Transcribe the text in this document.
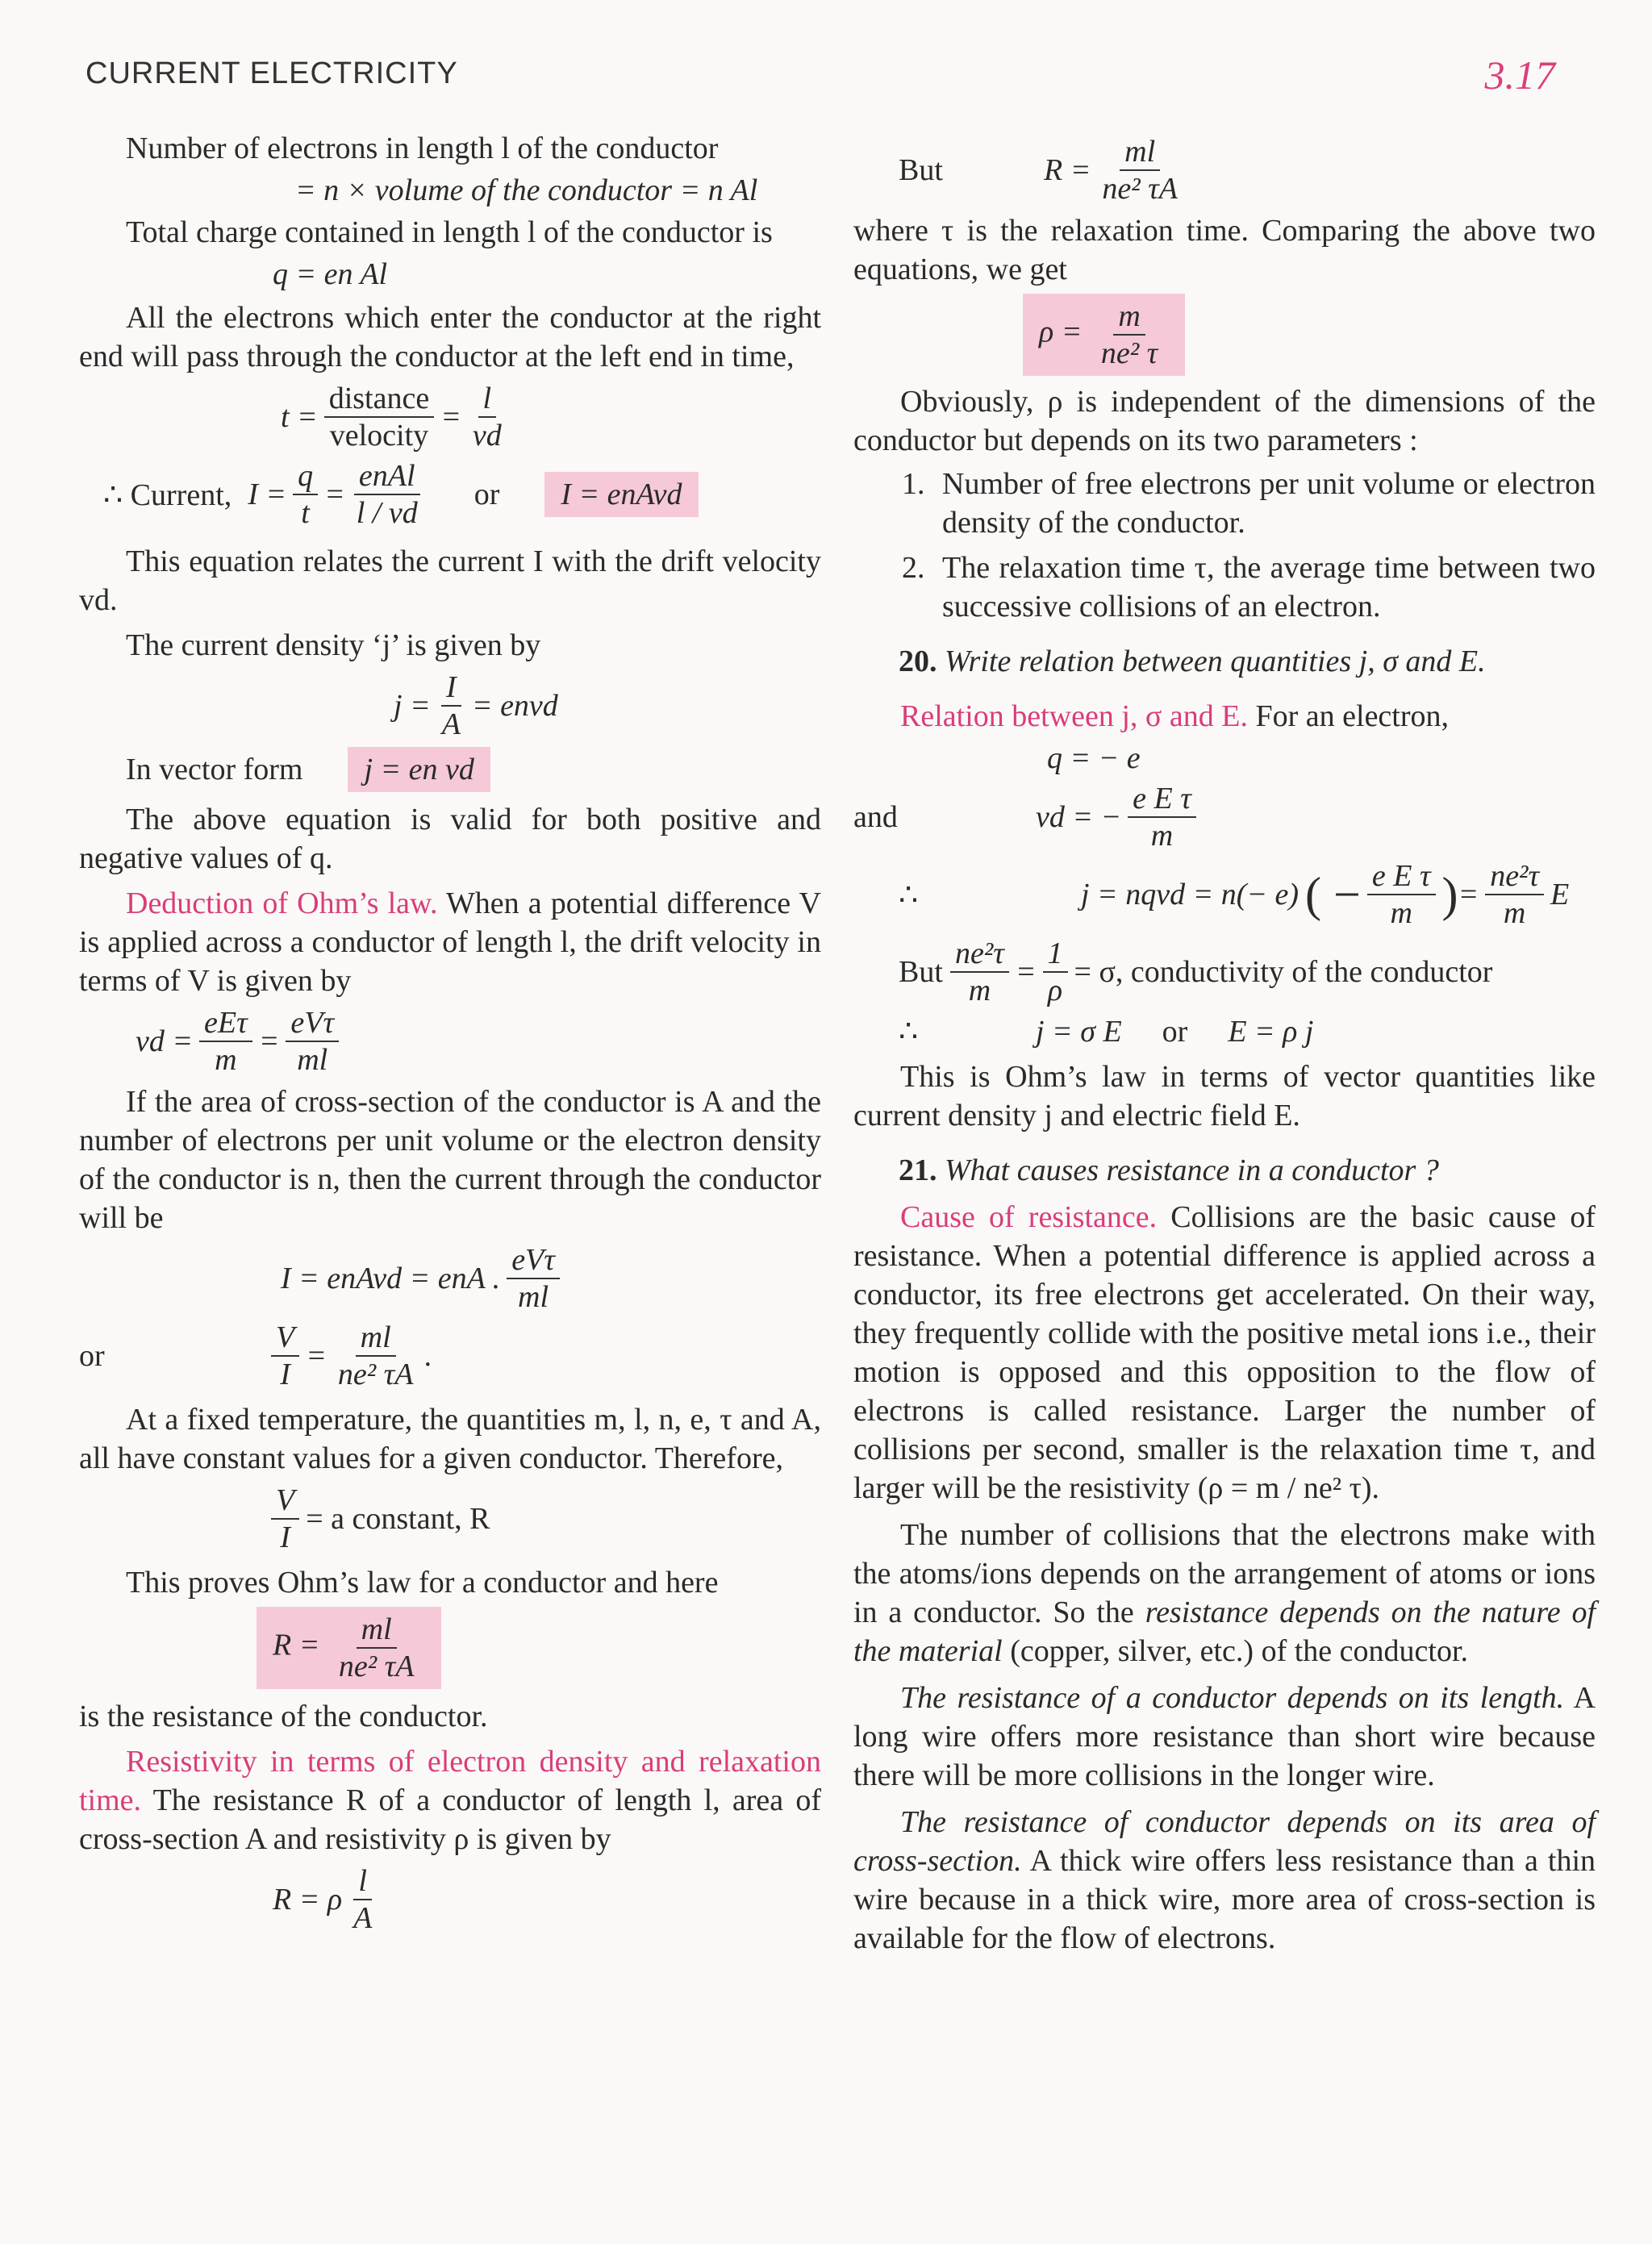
CURRENT ELECTRICITY	3.17

Number of electrons in length l of the conductor

= n × volume of the conductor = n Al

Total charge contained in length l of the conductor is

q = en Al

All the electrons which enter the conductor at the right end will pass through the conductor at the left end in time,

$t = \frac{\text{distance}}{\text{velocity}} = \frac{l}{vd}$
∴ Current, $I = \frac{q}{t} = \frac{\text{enAl}}{l / vd}$ or	I = enAvd

This equation relates the current I with the drift velocity vd.

The current density ‘j’ is given by

$j = \frac{I}{A}$ = envd
In vector form	j = en vd

The above equation is valid for both positive and negative values of q.

Deduction of Ohm’s law. When a potential difference V is applied across a conductor of length l, the drift velocity in terms of V is given by

vd = $\frac{\text{eEτ}}{m} = \frac{\text{eVτ}}{ml}$

If the area of cross-section of the conductor is A and the number of electrons per unit volume or the electron density of the conductor is n, then the current through the conductor will be

I = enAvd = enA . $\frac{\text{eVτ}}{ml}$
or	$\frac{V}{I} = \frac{ml}{\text{ne² τA}}$ .

At a fixed temperature, the quantities m, l, n, e, τ and A, all have constant values for a given conductor. Therefore,

$\frac{V}{I} = a$ constant, R

This proves Ohm’s law for a conductor and here

$R = \frac{ml}{\text{ne² τA}}$

is the resistance of the conductor.

Resistivity in terms of electron density and relaxation time. The resistance R of a conductor of length l, area of cross-section A and resistivity ρ is given by

R = ρ $\frac{l}{A}$
But	$R = \frac{ml}{\text{ne² τA}}$

where τ is the relaxation time. Comparing the above two equations, we get

$\rho = \frac{m}{\text{ne² τ}}$

Obviously, ρ is independent of the dimensions of the conductor but depends on its two parameters :

1. Number of free electrons per unit volume or electron density of the conductor.
2. The relaxation time τ, the average time between two successive collisions of an electron.

20. Write relation between quantities j, σ and E.

Relation between j, σ and E. For an electron,

q = − e
and	vd = − $\frac{\text{e E τ}}{m}$
∴	j = nqvd = n(− e) ( − $\frac{\text{e E τ}}{m}$ ) = $\frac{\text{ne²τ}}{m}$ E
But $\frac{\text{ne²τ}}{m} = \frac{1}{\rho} = \sigma$, conductivity of the conductor
∴	j = σ E or E = ρ j

This is Ohm’s law in terms of vector quantities like current density j and electric field E.

21. What causes resistance in a conductor ?

Cause of resistance. Collisions are the basic cause of resistance. When a potential difference is applied across a conductor, its free electrons get accelerated. On their way, they frequently collide with the positive metal ions i.e., their motion is opposed and this opposition to the flow of electrons is called resistance. Larger the number of collisions per second, smaller is the relaxation time τ, and larger will be the resistivity (ρ = m / ne² τ).

The number of collisions that the electrons make with the atoms/ions depends on the arrangement of atoms or ions in a conductor. So the resistance depends on the nature of the material (copper, silver, etc.) of the conductor.

The resistance of a conductor depends on its length. A long wire offers more resistance than short wire because there will be more collisions in the longer wire.

The resistance of conductor depends on its area of cross-section. A thick wire offers less resistance than a thin wire because in a thick wire, more area of cross-section is available for the flow of electrons.
